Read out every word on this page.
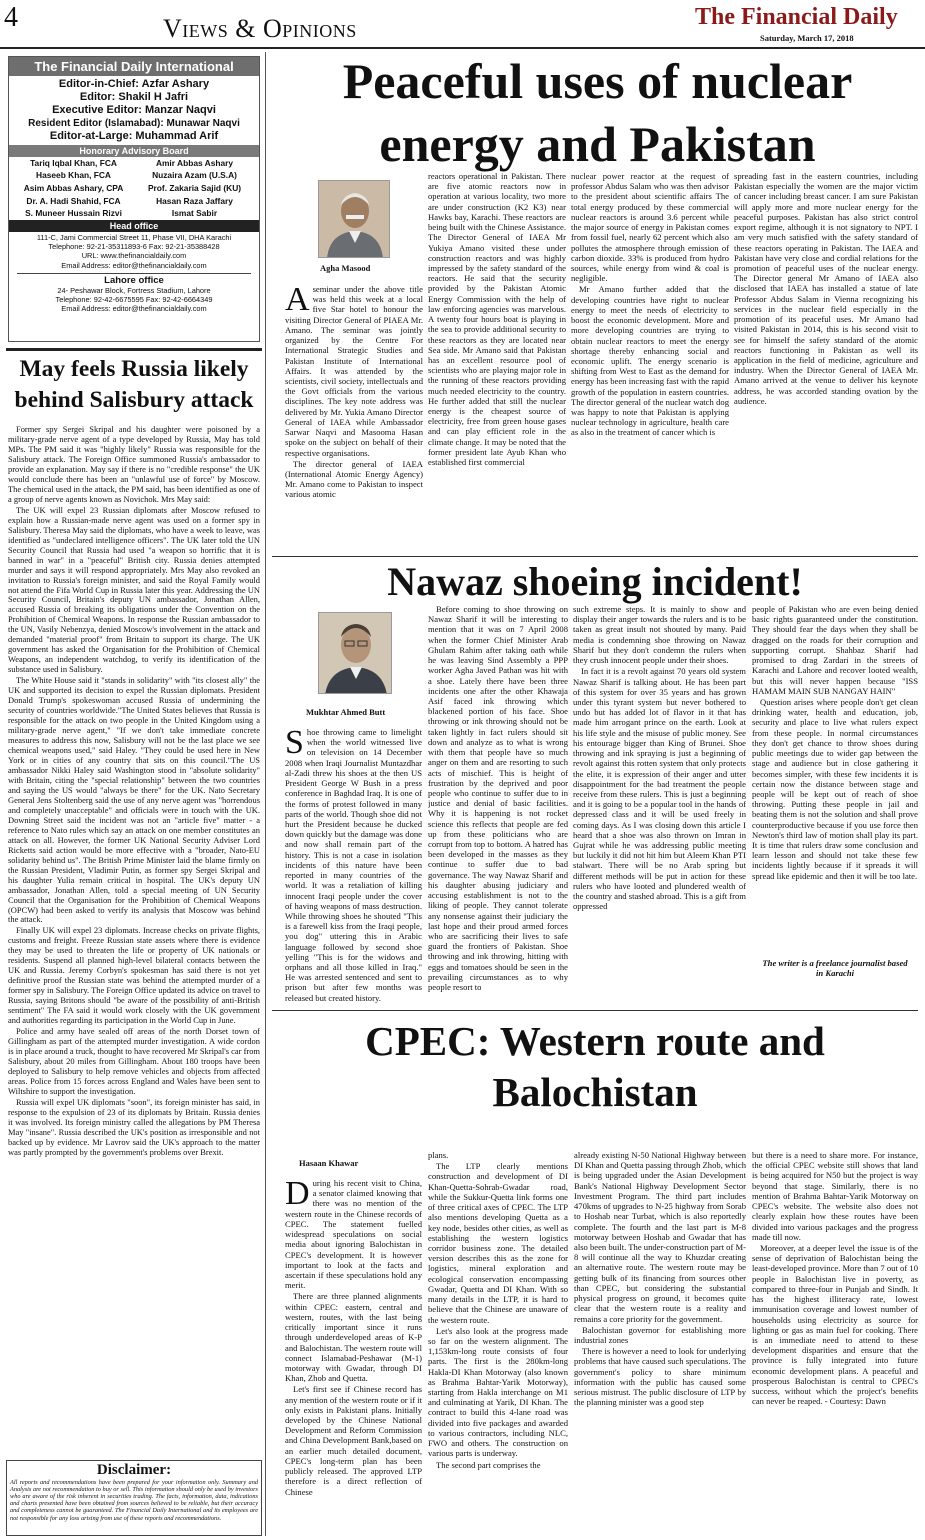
4	Views & Opinions	The Financial Daily
Saturday, March 17, 2018
The Financial Daily International
Editor-in-Chief: Azfar Ashary
Editor: Shakil H Jafri
Executive Editor: Manzar Naqvi
Resident Editor (Islamabad): Munawar Naqvi
Editor-at-Large: Muhammad Arif
Honorary Advisory Board
Tariq Iqbal Khan, FCA	Amir Abbas Ashary
Haseeb Khan, FCA	Nuzaira Azam (U.S.A)
Asim Abbas Ashary, CPA	Prof. Zakaria Sajid (KU)
Dr. A. Hadi Shahid, FCA	Hasan Raza Jaffary
S. Muneer Hussain Rizvi	Ismat Sabir
Head office
111-C, Jami Commercial Street 11, Phase VII, DHA Karachi
Telephone: 92-21-35311893-6 Fax: 92-21-35388428
URL: www.thefinancialdaily.com
Email Address: editor@thefinancialdaily.com
Lahore office
24- Peshawar Block, Fortress Stadium, Lahore
Telephone: 92-42-6675595 Fax: 92-42-6664349
Email Address: editor@thefinancialdaily.com
May feels Russia likely behind Salisbury attack

Former spy Sergei Skripal and his daughter were poisoned by a military-grade nerve agent of a type developed by Russia, May has told MPs. The PM said it was "highly likely" Russia was responsible for the Salisbury attack. The Foreign Office summoned Russia's ambassador to provide an explanation. May say if there is no "credible response" the UK would conclude there has been an "unlawful use of force" by Moscow. The chemical used in the attack, the PM said, has been identified as one of a group of nerve agents known as Novichok. Mrs May said:

The UK will expel 23 Russian diplomats after Moscow refused to explain how a Russian-made nerve agent was used on a former spy in Salisbury. Theresa May said the diplomats, who have a week to leave, was identified as "undeclared intelligence officers". The UK later told the UN Security Council that Russia had used "a weapon so horrific that it is banned in war" in a "peaceful" British city. Russia denies attempted murder and says it will respond appropriately. Mrs May also revoked an invitation to Russia's foreign minister, and said the Royal Family would not attend the Fifa World Cup in Russia later this year. Addressing the UN Security Council, Britain's deputy UN ambassador, Jonathan Allen, accused Russia of breaking its obligations under the Convention on the Prohibition of Chemical Weapons. In response the Russian ambassador to the UN, Vasily Nebenzya, denied Moscow's involvement in the attack and demanded "material proof" from Britain to support its charge. The UK government has asked the Organisation for the Prohibition of Chemical Weapons, an independent watchdog, to verify its identification of the substance used in Salisbury.

The White House said it "stands in solidarity" with "its closest ally" the UK and supported its decision to expel the Russian diplomats. President Donald Trump's spokeswoman accused Russia of undermining the security of countries worldwide."The United States believes that Russia is responsible for the attack on two people in the United Kingdom using a military-grade nerve agent," "If we don't take immediate concrete measures to address this now, Salisbury will not be the last place we see chemical weapons used," said Haley. "They could be used here in New York or in cities of any country that sits on this council."The US ambassador Nikki Haley said Washington stood in "absolute solidarity" with Britain, citing the "special relationship" between the two countries and saying the US would "always be there" for the UK. Nato Secretary General Jens Stoltenberg said the use of any nerve agent was "horrendous and completely unacceptable" and officials were in touch with the UK. Downing Street said the incident was not an "article five" matter - a reference to Nato rules which say an attack on one member constitutes an attack on all. However, the former UK National Security Adviser Lord Ricketts said action would be more effective with a "broader, Nato-EU solidarity behind us". The British Prime Minister laid the blame firmly on the Russian President, Vladimir Putin, as former spy Sergei Skripal and his daughter Yulia remain critical in hospital. The UK's deputy UN ambassador, Jonathan Allen, told a special meeting of UN Security Council that the Organisation for the Prohibition of Chemical Weapons (OPCW) had been asked to verify its analysis that Moscow was behind the attack.

Finally UK will expel 23 diplomats. Increase checks on private flights, customs and freight. Freeze Russian state assets where there is evidence they may be used to threaten the life or property of UK nationals or residents. Suspend all planned high-level bilateral contacts between the UK and Russia. Jeremy Corbyn's spokesman has said there is not yet definitive proof the Russian state was behind the attempted murder of a former spy in Salisbury. The Foreign Office updated its advice on travel to Russia, saying Britons should "be aware of the possibility of anti-British sentiment" The FA said it would work closely with the UK government and authorities regarding its participation in the World Cup in June.

Police and army have sealed off areas of the north Dorset town of Gillingham as part of the attempted murder investigation. A wide cordon is in place around a truck, thought to have recovered Mr Skripal's car from Salisbury, about 20 miles from Gillingham. About 180 troops have been deployed to Salisbury to help remove vehicles and objects from affected areas. Police from 15 forces across England and Wales have been sent to Wiltshire to support the investigation.

Russia will expel UK diplomats "soon", its foreign minister has said, in response to the expulsion of 23 of its diplomats by Britain. Russia denies it was involved. Its foreign ministry called the allegations by PM Theresa May "insane". Russia described the UK's position as irresponsible and not backed up by evidence. Mr Lavrov said the UK's approach to the matter was partly prompted by the government's problems over Brexit.

Disclaimer:
All reports and recommendations have been prepared for your information only. Summary and Analysis are not recommendation to buy or sell. This information should only be used by investors who are aware of the risk inherent in securities trading. The facts, information, data, indications and charts presented have been obtained from sources believed to be reliable, but their accuracy and completeness cannot be guaranteed. The Financial Daily International and its employees are not responsible for any loss arising from use of these reports and recommendations.
Peaceful uses of nuclear energy and Pakistan
Agha Masood
A seminar under the above title was held this week at a local five Star hotel to honour the visiting Director General of PIAEA Mr. Amano. The seminar was jointly organized by the Centre For International Strategic Studies and Pakistan Institute of International Affairs. It was attended by the scientists, civil society, intellectuals and the Govt officials from the various disciplines. The key note address was delivered by Mr. Yukia Amano Director General of IAEA while Ambassador Sarwar Naqvi and Masooma Hasan spoke on the subject on behalf of their respective organisations.

The director general of IAEA (International Atomic Energy Agency) Mr. Amano come to Pakistan to inspect various atomic

reactors operational in Pakistan. There are five atomic reactors now in operation at various locality, two more are under construction (K2 K3) near Hawks bay, Karachi. These reactors are being built with the Chinese Assistance. The Director General of IAEA Mr Yukiya Amano visited these under construction reactors and was highly impressed by the safety standard of the reactors. He said that the security provided by the Pakistan Atomic Energy Commission with the help of law enforcing agencies was marvelous. A twenty four hours boat is playing in the sea to provide additional security to these reactors as they are located near Sea side. Mr Amano said that Pakistan has an excellent resource pool of scientists who are playing major role in the running of these reactors providing much needed electricity to the country. He further added that still the nuclear energy is the cheapest source of electricity, free from green house gases and can play efficient role in the climate change. It may be noted that the former president late Ayub Khan who established first commercial

nuclear power reactor at the request of professor Abdus Salam who was then advisor to the president about scientific affairs The total energy produced by these commercial nuclear reactors is around 3.6 percent while the major source of energy in Pakistan comes from fossil fuel, nearly 62 percent which also pollutes the atmosphere through emission of carbon dioxide. 33% is produced from hydro sources, while energy from wind & coal is negligible.

Mr Amano further added that the developing countries have right to nuclear energy to meet the needs of electricity to boost the economic development. More and more developing countries are trying to obtain nuclear reactors to meet the energy shortage thereby enhancing social and economic uplift. The energy scenario is shifting from West to East as the demand for energy has been increasing fast with the rapid growth of the population in eastern countries. The director general of the nuclear watch dog was happy to note that Pakistan is applying nuclear technology in agriculture, health care as also in the treatment of cancer which is

spreading fast in the eastern countries, including Pakistan especially the women are the major victim of cancer including breast cancer. I am sure Pakistan will apply more and more nuclear energy for the peaceful purposes. Pakistan has also strict control export regime, although it is not signatory to NPT. I am very much satisfied with the safety standard of these reactors operating in Pakistan. The IAEA and Pakistan have very close and cordial relations for the promotion of peaceful uses of the nuclear energy. The Director general Mr Amano of IAEA also disclosed that IAEA has installed a statue of late Professor Abdus Salam in Vienna recognizing his services in the nuclear field especially in the promotion of its peaceful uses. Mr Amano had visited Pakistan in 2014, this is his second visit to see for himself the safety standard of the atomic reactors functioning in Pakistan as well its application in the field of medicine, agriculture and industry. When the Director General of IAEA Mr. Amano arrived at the venue to deliver his keynote address, he was accorded standing ovation by the audience.

Nawaz shoeing incident!
Mukhtar Ahmed Butt
S hoe throwing came to limelight when the world witnessed live on television on 14 December 2008 when Iraqi Journalist Muntazdhar al-Zadi threw his shoes at the then US President George W Bush in a press conference in Baghdad Iraq. It is one of the forms of protest followed in many parts of the world. Though shoe did not hurt the President because he ducked down quickly but the damage was done and now shall remain part of the history. This is not a case in isolation incidents of this nature have been reported in many countries of the world. It was a retaliation of killing innocent Iraqi people under the cover of having weapons of mass destruction. While throwing shoes he shouted "This is a farewell kiss from the Iraqi people, you dog" uttering this in Arabic language followed by second shoe yelling "This is for the widows and orphans and all those killed in Iraq." He was arrested sentenced and sent to prison but after few months was released but created history.

Before coming to shoe throwing on Nawaz Sharif it will be interesting to mention that it was on 7 April 2008 when the former Chief Minister Arab Ghulam Rahim after taking oath while he was leaving Sind Assembly a PPP worker Agha Javed Pathan was hit with a shoe. Lately there have been three incidents one after the other Khawaja Asif faced ink throwing which blackened portion of his face. Shoe throwing or ink throwing should not be taken lightly in fact rulers should sit down and analyze as to what is wrong with them that people have so much anger on them and are resorting to such acts of mischief. This is height of frustration by the deprived and poor people who continue to suffer due to in justice and denial of basic facilities. Why it is happening is not rocket science this reflects that people are fed up from these politicians who are corrupt from top to bottom. A hatred has been developed in the masses as they continue to suffer due to bad governance. The way Nawaz Sharif and his daughter abusing judiciary and accusing establishment is not to the liking of people. They cannot tolerate any nonsense against their judiciary the last hope and their proud armed forces who are sacrificing their lives to safe guard the frontiers of Pakistan. Shoe throwing and ink throwing, hitting with eggs and tomatoes should be seen in the prevailing circumstances as to why people resort to

such extreme steps. It is mainly to show and display their anger towards the rulers and is to be taken as great insult not shouted by many. Paid media is condemning shoe throwing on Nawaz Sharif but they don't condemn the rulers when they crush innocent people under their shoes.

In fact it is a revolt against 70 years old system Nawaz Sharif is talking about. He has been part of this system for over 35 years and has grown under this tyrant system but never bothered to undo but has added lot of flavor in it that has made him arrogant prince on the earth. Look at his life style and the misuse of public money. See his entourage bigger than King of Brunei. Shoe throwing and ink spraying is just a beginning of revolt against this rotten system that only protects the elite, it is expression of their anger and utter disappointment for the bad treatment the people receive from these rulers. This is just a beginning and it is going to be a popular tool in the hands of depressed class and it will be used freely in coming days. As I was closing down this article I heard that a shoe was also thrown on Imran in Gujrat while he was addressing public meeting but luckily it did not hit him but Aleem Khan PTI stalwart. There will be no Arab spring but different methods will be put in action for these rulers who have looted and plundered wealth of the country and stashed abroad. This is a gift from oppressed

people of Pakistan who are even being denied basic rights guaranteed under the constitution. They should fear the days when they shall be dragged on the roads for their corruption and supporting corrupt. Shahbaz Sharif had promised to drag Zardari in the streets of Karachi and Lahore and recover looted wealth, but this will never happen because "ISS HAMAM MAIN SUB NANGAY HAIN"

Question arises where people don't get clean drinking water, health and education, job, security and place to live what rulers expect from these people. In normal circumstances they don't get chance to throw shoes during public meetings due to wider gap between the stage and audience but in close gathering it becomes simpler, with these few incidents it is certain now the distance between stage and people will be kept out of reach of shoe throwing. Putting these people in jail and beating them is not the solution and shall prove counterproductive because if you use force then Newton's third law of motion shall play its part. It is time that rulers draw some conclusion and learn lesson and should not take these few incidents lightly because if it spreads it will spread like epidemic and then it will be too late.

The writer is a freelance journalist based in Karachi
CPEC: Western route and Balochistan
Hasaan Khawar
D uring his recent visit to China, a senator claimed knowing that there was no mention of the western route in the Chinese records of CPEC. The statement fuelled widespread speculations on social media about ignoring Balochistan in CPEC's development. It is however important to look at the facts and ascertain if these speculations hold any merit.

There are three planned alignments within CPEC: eastern, central and western, routes, with the last being critically important since it runs through underdeveloped areas of K-P and Balochistan. The western route will connect Islamabad-Peshawar (M-1) motorway with Gwadar, through DI Khan, Zhob and Quetta.

Let's first see if Chinese record has any mention of the western route or if it only exists in Pakistani plans. Initially developed by the Chinese National Development and Reform Commission and China Development Bank,based on an earlier much detailed document, CPEC's long-term plan has been publicly released. The approved LTP therefore is a direct reflection of Chinese

plans.

The LTP clearly mentions construction and development of DI Khan-Quetta-Sohrab-Gwadar road, while the Sukkur-Quetta link forms one of three critical axes of CPEC. The LTP also mentions developing Quetta as a key node, besides other cities, as well as establishing the western logistics corridor business zone. The detailed version describes this as the zone for logistics, mineral exploration and ecological conservation encompassing Gwadar, Quetta and DI Khan. With so many details in the LTP, it is hard to believe that the Chinese are unaware of the western route.

Let's also look at the progress made so far on the western alignment. The 1,153km-long route consists of four parts. The first is the 280km-long Hakla-DI Khan Motorway (also known as Brahma Bahtar-Yarik Motorway), starting from Hakla interchange on M1 and culminating at Yarik, DI Khan. The contract to build this 4-lane road was divided into five packages and awarded to various contractors, including NLC, FWO and others. The construction on various parts is underway.

The second part comprises the

already existing N-50 National Highway between DI Khan and Quetta passing through Zhob, which is being upgraded under the Asian Development Bank's National Highway Development Sector Investment Program. The third part includes 470kms of upgrades to N-25 highway from Sorab to Hoshab near Turbat, which is also reportedly complete. The fourth and the last part is M-8 motorway between Hoshab and Gwadar that has also been built. The under-construction part of M-8 will continue all the way to Khuzdar creating an alternative route. The western route may be getting bulk of its financing from sources other than CPEC, but considering the substantial physical progress on ground, it becomes quite clear that the western route is a reality and remains a core priority for the government.

Balochistan governor for establishing more industrial zones

There is however a need to look for underlying problems that have caused such speculations. The government's policy to share minimum information with the public has caused some serious mistrust. The public disclosure of LTP by the planning minister was a good step

but there is a need to share more. For instance, the official CPEC website still shows that land is being acquired for N50 but the project is way beyond that stage. Similarly, there is no mention of Brahma Bahtar-Yarik Motorway on CPEC's website. The website also does not clearly explain how these routes have been divided into various packages and the progress made till now.

Moreover, at a deeper level the issue is of the sense of deprivation of Balochistan being the least-developed province. More than 7 out of 10 people in Balochistan live in poverty, as compared to three-four in Punjab and Sindh. It has the highest illiteracy rate, lowest immunisation coverage and lowest number of households using electricity as source for lighting or gas as main fuel for cooking. There is an immediate need to attend to these development disparities and ensure that the province is fully integrated into future economic development plans. A peaceful and prosperous Balochistan is central to CPEC's success, without which the project's benefits can never be reaped. - Courtesy: Dawn
